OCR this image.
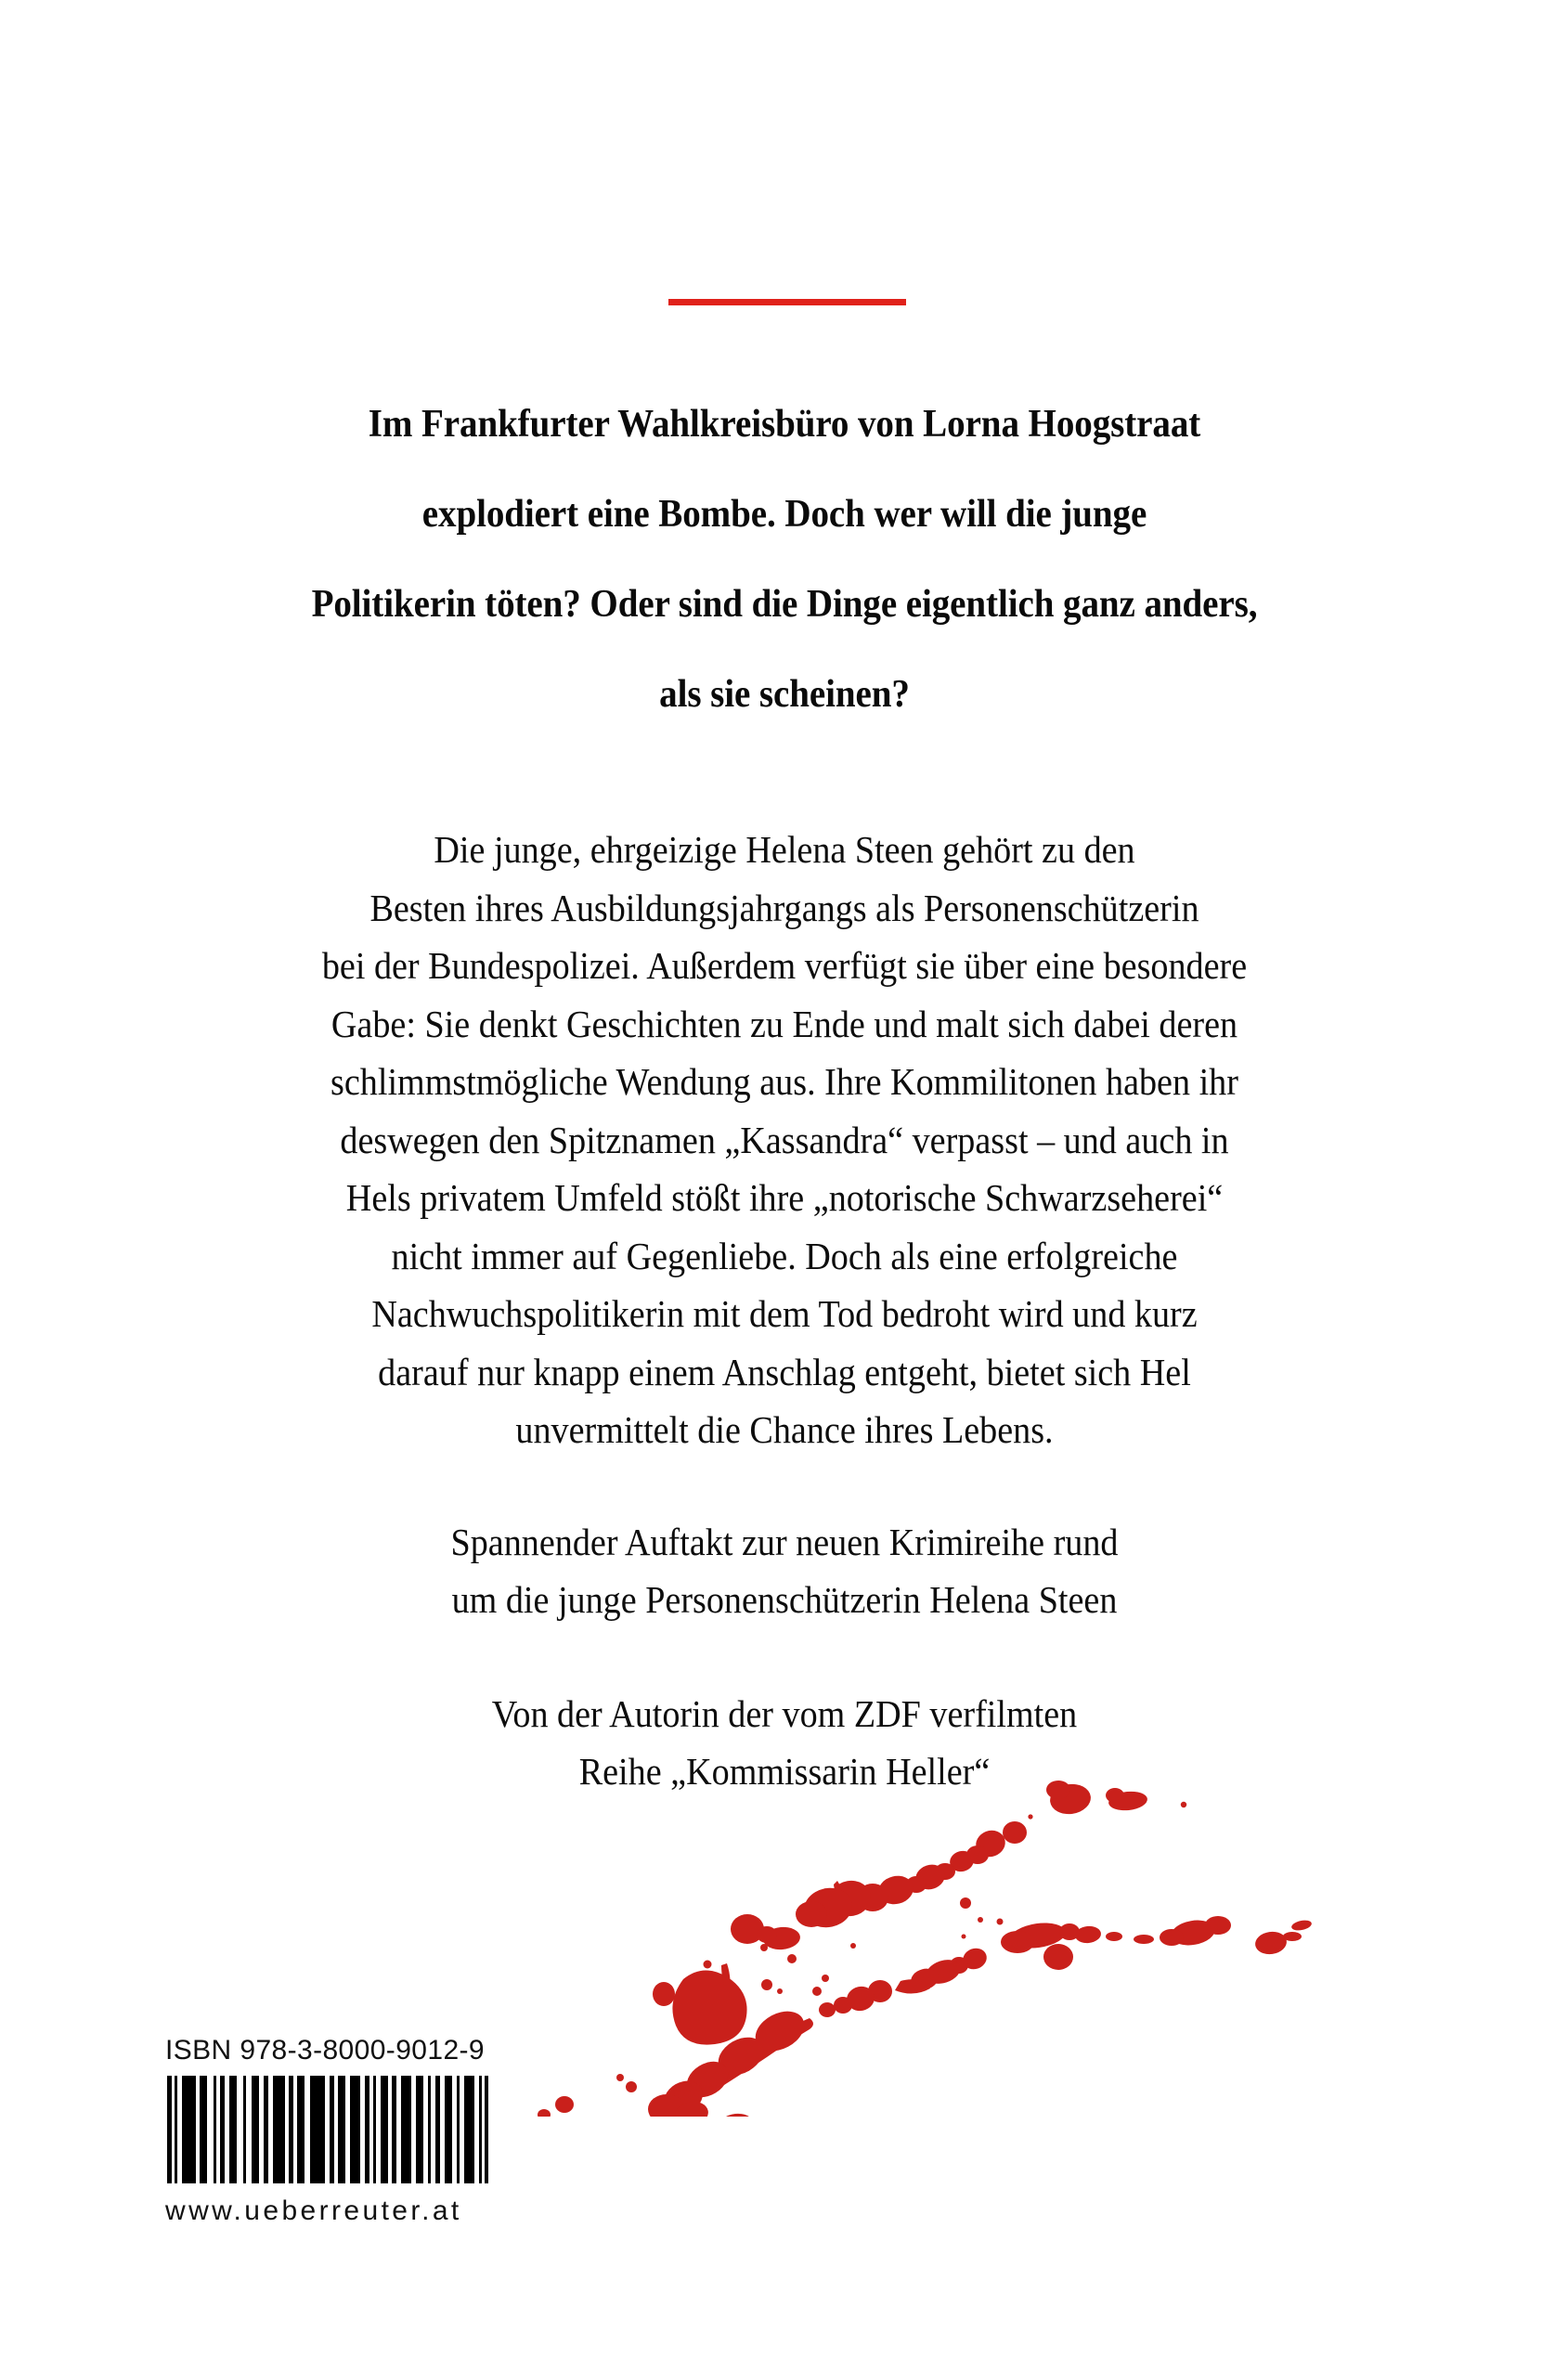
Im Frankfurter Wahlkreisbüro von Lorna Hoogstraat

explodiert eine Bombe. Doch wer will die junge

Politikerin töten? Oder sind die Dinge eigentlich ganz anders,

als sie scheinen?

Die junge, ehrgeizige Helena Steen gehört zu den

Besten ihres Ausbildungsjahrgangs als Personenschützerin

bei der Bundespolizei. Außerdem verfügt sie über eine besondere

Gabe: Sie denkt Geschichten zu Ende und malt sich dabei deren

schlimmstmögliche Wendung aus. Ihre Kommilitonen haben ihr

deswegen den Spitznamen „Kassandra“ verpasst – und auch in

Hels privatem Umfeld stößt ihre „notorische Schwarzseherei“

nicht immer auf Gegenliebe. Doch als eine erfolgreiche

Nachwuchspolitikerin mit dem Tod bedroht wird und kurz

darauf nur knapp einem Anschlag entgeht, bietet sich Hel

unvermittelt die Chance ihres Lebens.

Spannender Auftakt zur neuen Krimireihe rund

um die junge Personenschützerin Helena Steen

Von der Autorin der vom ZDF verfilmten

Reihe „Kommissarin Heller“

ISBN 978-3-8000-9012-9
www.ueberreuter.at
